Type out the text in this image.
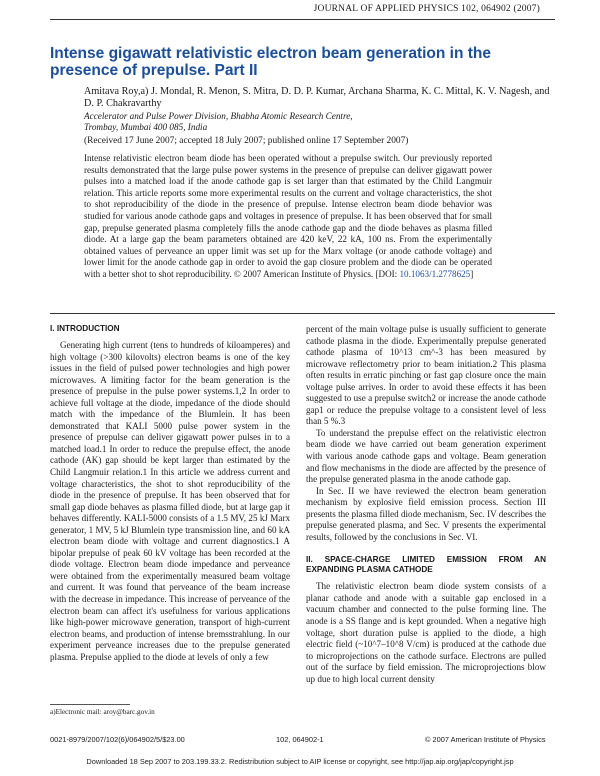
JOURNAL OF APPLIED PHYSICS 102, 064902 (2007)
Intense gigawatt relativistic electron beam generation in the presence of prepulse. Part II
Amitava Roy,a) J. Mondal, R. Menon, S. Mitra, D. D. P. Kumar, Archana Sharma, K. C. Mittal, K. V. Nagesh, and D. P. Chakravarthy
Accelerator and Pulse Power Division, Bhabha Atomic Research Centre,
Trombay, Mumbai 400 085, India
(Received 17 June 2007; accepted 18 July 2007; published online 17 September 2007)
Intense relativistic electron beam diode has been operated without a prepulse switch. Our previously reported results demonstrated that the large pulse power systems in the presence of prepulse can deliver gigawatt power pulses into a matched load if the anode cathode gap is set larger than that estimated by the Child Langmuir relation. This article reports some more experimental results on the current and voltage characteristics, the shot to shot reproducibility of the diode in the presence of prepulse. Intense electron beam diode behavior was studied for various anode cathode gaps and voltages in presence of prepulse. It has been observed that for small gap, prepulse generated plasma completely fills the anode cathode gap and the diode behaves as plasma filled diode. At a large gap the beam parameters obtained are 420 keV, 22 kA, 100 ns. From the experimentally obtained values of perveance an upper limit was set up for the Marx voltage (or anode cathode voltage) and lower limit for the anode cathode gap in order to avoid the gap closure problem and the diode can be operated with a better shot to shot reproducibility. © 2007 American Institute of Physics. [DOI: 10.1063/1.2778625]
I. INTRODUCTION

Generating high current (tens to hundreds of kiloamperes) and high voltage (>300 kilovolts) electron beams is one of the key issues in the field of pulsed power technologies and high power microwaves. A limiting factor for the beam generation is the presence of prepulse in the pulse power systems.1,2 In order to achieve full voltage at the diode, impedance of the diode should match with the impedance of the Blumlein. It has been demonstrated that KALI 5000 pulse power system in the presence of prepulse can deliver gigawatt power pulses in to a matched load.1 In order to reduce the prepulse effect, the anode cathode (AK) gap should be kept larger than estimated by the Child Langmuir relation.1 In this article we address current and voltage characteristics, the shot to shot reproducibility of the diode in the presence of prepulse. It has been observed that for small gap diode behaves as plasma filled diode, but at large gap it behaves differently. KALI-5000 consists of a 1.5 MV, 25 kJ Marx generator, 1 MV, 5 kJ Blumlein type transmission line, and 60 kA electron beam diode with voltage and current diagnostics.1 A bipolar prepulse of peak 60 kV voltage has been recorded at the diode voltage. Electron beam diode impedance and perveance were obtained from the experimentally measured beam voltage and current. It was found that perveance of the beam increase with the decrease in impedance. This increase of perveance of the electron beam can affect it's usefulness for various applications like high-power microwave generation, transport of high-current electron beams, and production of intense bremsstrahlung. In our experiment perveance increases due to the prepulse generated plasma. Prepulse applied to the diode at levels of only a few

percent of the main voltage pulse is usually sufficient to generate cathode plasma in the diode. Experimentally prepulse generated cathode plasma of 10^13 cm^-3 has been measured by microwave reflectometry prior to beam initiation.2 This plasma often results in erratic pinching or fast gap closure once the main voltage pulse arrives. In order to avoid these effects it has been suggested to use a prepulse switch2 or increase the anode cathode gap1 or reduce the prepulse voltage to a consistent level of less than 5 %.3

To understand the prepulse effect on the relativistic electron beam diode we have carried out beam generation experiment with various anode cathode gaps and voltage. Beam generation and flow mechanisms in the diode are affected by the presence of the prepulse generated plasma in the anode cathode gap.

In Sec. II we have reviewed the electron beam generation mechanism by explosive field emission process. Section III presents the plasma filled diode mechanism, Sec. IV describes the prepulse generated plasma, and Sec. V presents the experimental results, followed by the conclusions in Sec. VI.

II. SPACE-CHARGE LIMITED EMISSION FROM AN EXPANDING PLASMA CATHODE

The relativistic electron beam diode system consists of a planar cathode and anode with a suitable gap enclosed in a vacuum chamber and connected to the pulse forming line. The anode is a SS flange and is kept grounded. When a negative high voltage, short duration pulse is applied to the diode, a high electric field (~10^7–10^8 V/cm) is produced at the cathode due to microprojections on the cathode surface. Electrons are pulled out of the surface by field emission. The microprojections blow up due to high local current density

a)Electronic mail: aroy@barc.gov.in
0021-8979/2007/102(6)/064902/5/$23.00	102, 064902-1	© 2007 American Institute of Physics
Downloaded 18 Sep 2007 to 203.199.33.2. Redistribution subject to AIP license or copyright, see http://jap.aip.org/jap/copyright.jsp
